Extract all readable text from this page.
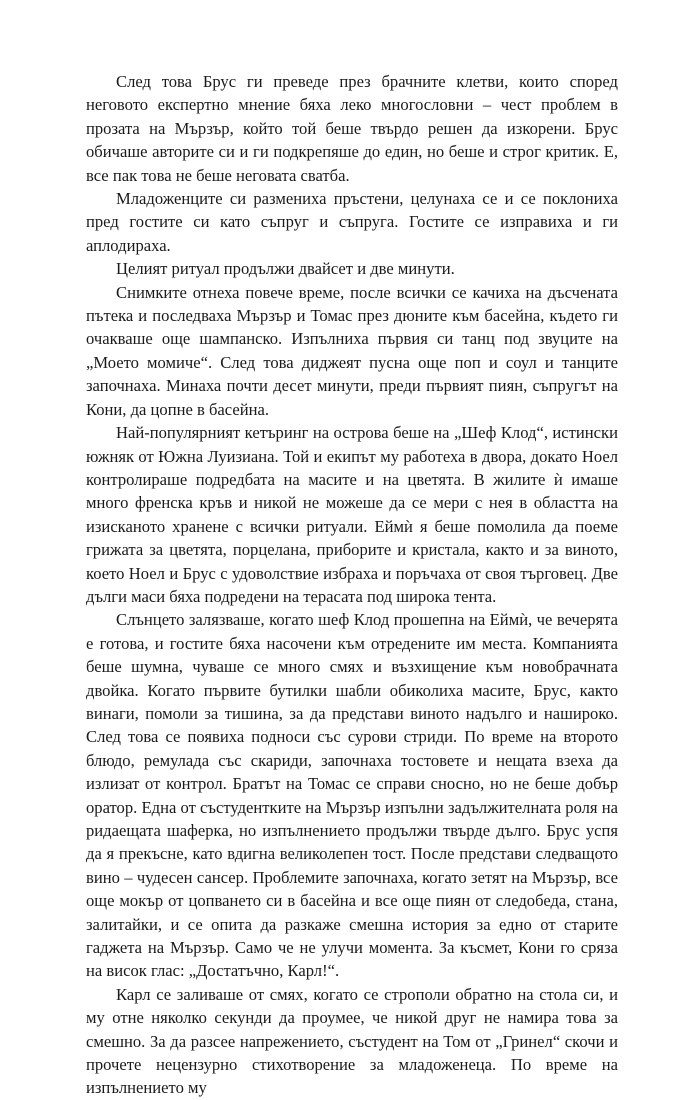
След това Брус ги преведе през брачните клетви, които според неговото експертно мнение бяха леко многословни – чест проблем в прозата на Мързър, който той беше твърдо решен да изкорени. Брус обичаше авторите си и ги подкрепяше до един, но беше и строг критик. Е, все пак това не беше неговата сватба.

Младоженците си размениха пръстени, целунаха се и се поклониха пред гостите си като съпруг и съпруга. Гостите се изправиха и ги аплодираха.

Целият ритуал продължи двайсет и две минути.

Снимките отнеха повече време, после всички се качиха на дъсчената пътека и последваха Мързър и Томас през дюните към басейна, където ги очакваше още шампанско. Изпълниха първия си танц под звуците на „Моето момиче“. След това диджеят пусна още поп и соул и танците започнаха. Минаха почти десет минути, преди първият пиян, съпругът на Кони, да цопне в басейна.

Най-популярният кетъринг на острова беше на „Шеф Клод“, истински южняк от Южна Луизиана. Той и екипът му работеха в двора, докато Ноел контролираше подредбата на масите и на цветята. В жилите ѝ имаше много френска кръв и никой не можеше да се мери с нея в областта на изисканото хранене с всички ритуали. Еймѝ я беше помолила да поеме грижата за цветята, порцелана, приборите и кристала, както и за виното, което Ноел и Брус с удоволствие избраха и поръчаха от своя търговец. Две дълги маси бяха подредени на терасата под широка тента.

Слънцето залязваше, когато шеф Клод прошепна на Еймѝ, че вечерята е готова, и гостите бяха насочени към отредените им места. Компанията беше шумна, чуваше се много смях и възхищение към новобрачната двойка. Когато първите бутилки шабли обиколиха масите, Брус, както винаги, помоли за тишина, за да представи виното надълго и нашироко. След това се появиха подноси със сурови стриди. По време на второто блюдо, ремулада със скариди, започнаха тостовете и нещата взеха да излизат от контрол. Братът на Томас се справи сносно, но не беше добър оратор. Една от състудентките на Мързър изпълни задължителната роля на ридаещата шаферка, но изпълнението продължи твърде дълго. Брус успя да я прекъсне, като вдигна великолепен тост. После представи следващото вино – чудесен сансер. Проблемите започнаха, когато зетят на Мързър, все още мокър от цопването си в басейна и все още пиян от следобеда, стана, залитайки, и се опита да разкаже смешна история за едно от старите гаджета на Мързър. Само че не улучи момента. За късмет, Кони го сряза на висок глас: „Достатъчно, Карл!“.

Карл се заливаше от смях, когато се строполи обратно на стола си, и му отне няколко секунди да проумее, че никой друг не намира това за смешно. За да разсее напрежението, състудент на Том от „Гринел“ скочи и прочете нецензурно стихотворение за младоженеца. По време на изпълнението му
